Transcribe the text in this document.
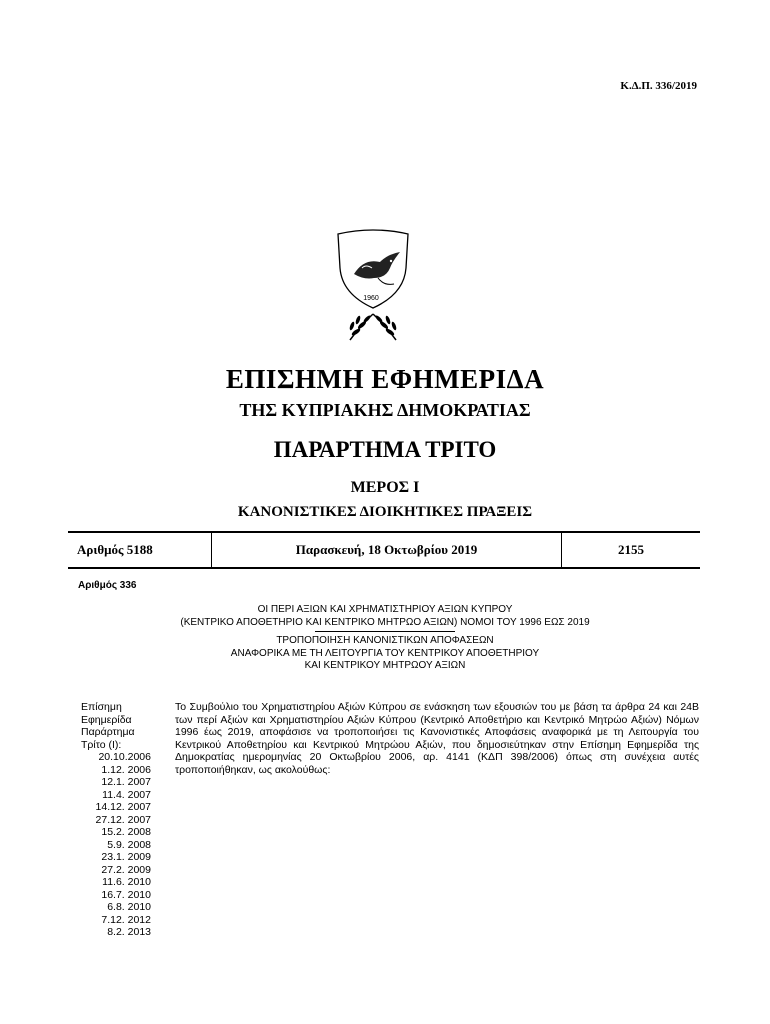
Κ.Δ.Π. 336/2019
1960
ΕΠΙΣΗΜΗ ΕΦΗΜΕΡΙΔΑ
ΤΗΣ ΚΥΠΡΙΑΚΗΣ ΔΗΜΟΚΡΑΤΙΑΣ
ΠΑΡΑΡΤΗΜΑ ΤΡΙΤΟ
ΜΕΡΟΣ Ι
ΚΑΝΟΝΙΣΤΙΚΕΣ ΔΙΟΙΚΗΤΙΚΕΣ ΠΡΑΞΕΙΣ
Αριθμός 5188	Παρασκευή, 18 Οκτωβρίου 2019	2155
Αριθμός 336
ΟΙ ΠΕΡΙ ΑΞΙΩΝ ΚΑΙ ΧΡΗΜΑΤΙΣΤΗΡΙΟΥ ΑΞΙΩΝ ΚΥΠΡΟΥ
(ΚΕΝΤΡΙΚΟ ΑΠΟΘΕΤΗΡΙΟ ΚΑΙ ΚΕΝΤΡΙΚΟ ΜΗΤΡΩΟ ΑΞΙΩΝ) ΝΟΜΟΙ ΤΟΥ 1996 ΕΩΣ 2019
ΤΡΟΠΟΠΟΙΗΣΗ ΚΑΝΟΝΙΣΤΙΚΩΝ ΑΠΟΦΑΣΕΩΝ
ΑΝΑΦΟΡΙΚΑ ΜΕ ΤΗ ΛΕΙΤΟΥΡΓΙΑ ΤΟΥ ΚΕΝΤΡΙΚΟΥ ΑΠΟΘΕΤΗΡΙΟΥ
ΚΑΙ ΚΕΝΤΡΙΚΟΥ ΜΗΤΡΩΟΥ ΑΞΙΩΝ
Επίσημη
Εφημερίδα
Παράρτημα
Τρίτο (Ι):
20.10.2006
1.12. 2006
12.1. 2007
11.4. 2007
14.12. 2007
27.12. 2007
15.2. 2008
5.9. 2008
23.1. 2009
27.2. 2009
11.6. 2010
16.7. 2010
6.8. 2010
7.12. 2012
8.2. 2013
Το Συμβούλιο του Χρηματιστηρίου Αξιών Κύπρου σε ενάσκηση των εξουσιών του με βάση τα άρθρα 24 και 24Β των περί Αξιών και Χρηματιστηρίου Αξιών Κύπρου (Κεντρικό Αποθετήριο και Κεντρικό Μητρώο Αξιών) Νόμων 1996 έως 2019, αποφάσισε να τροποποιήσει τις Κανονιστικές Αποφάσεις αναφορικά με τη Λειτουργία του Κεντρικού Αποθετηρίου και Κεντρικού Μητρώου Αξιών, που δημοσιεύτηκαν στην Επίσημη Εφημερίδα της Δημοκρατίας ημερομηνίας 20 Οκτωβρίου 2006, αρ. 4141 (ΚΔΠ 398/2006) όπως στη συνέχεια αυτές τροποποιήθηκαν, ως ακολούθως:
